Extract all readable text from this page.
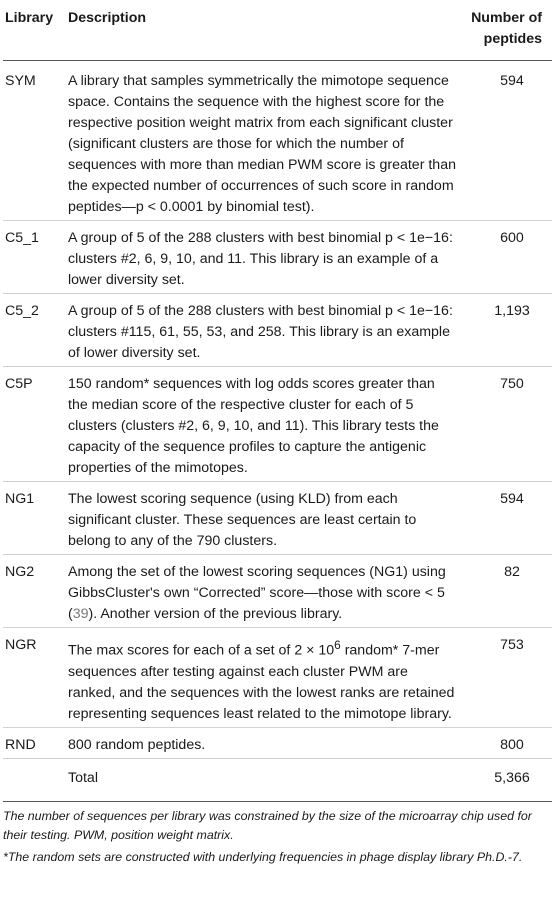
Library	Description	Number of peptides
SYM	A library that samples symmetrically the mimotope sequence space. Contains the sequence with the highest score for the respective position weight matrix from each significant cluster (significant clusters are those for which the number of sequences with more than median PWM score is greater than the expected number of occurrences of such score in random peptides—p < 0.0001 by binomial test).	594
C5_1	A group of 5 of the 288 clusters with best binomial p < 1e−16: clusters #2, 6, 9, 10, and 11. This library is an example of a lower diversity set.	600
C5_2	A group of 5 of the 288 clusters with best binomial p < 1e−16: clusters #115, 61, 55, 53, and 258. This library is an example of lower diversity set.	1,193
C5P	150 random* sequences with log odds scores greater than the median score of the respective cluster for each of 5 clusters (clusters #2, 6, 9, 10, and 11). This library tests the capacity of the sequence profiles to capture the antigenic properties of the mimotopes.	750
NG1	The lowest scoring sequence (using KLD) from each significant cluster. These sequences are least certain to belong to any of the 790 clusters.	594
NG2	Among the set of the lowest scoring sequences (NG1) using GibbsCluster's own “Corrected” score—those with score < 5 (39). Another version of the previous library.	82
NGR	The max scores for each of a set of $2 \times 10^6$ random* 7-mer sequences after testing against each cluster PWM are ranked, and the sequences with the lowest ranks are retained representing sequences least related to the mimotope library.	753
RND	800 random peptides.	800
	Total	5,366

The number of sequences per library was constrained by the size of the microarray chip used for their testing. PWM, position weight matrix.

*The random sets are constructed with underlying frequencies in phage display library Ph.D.-7.
